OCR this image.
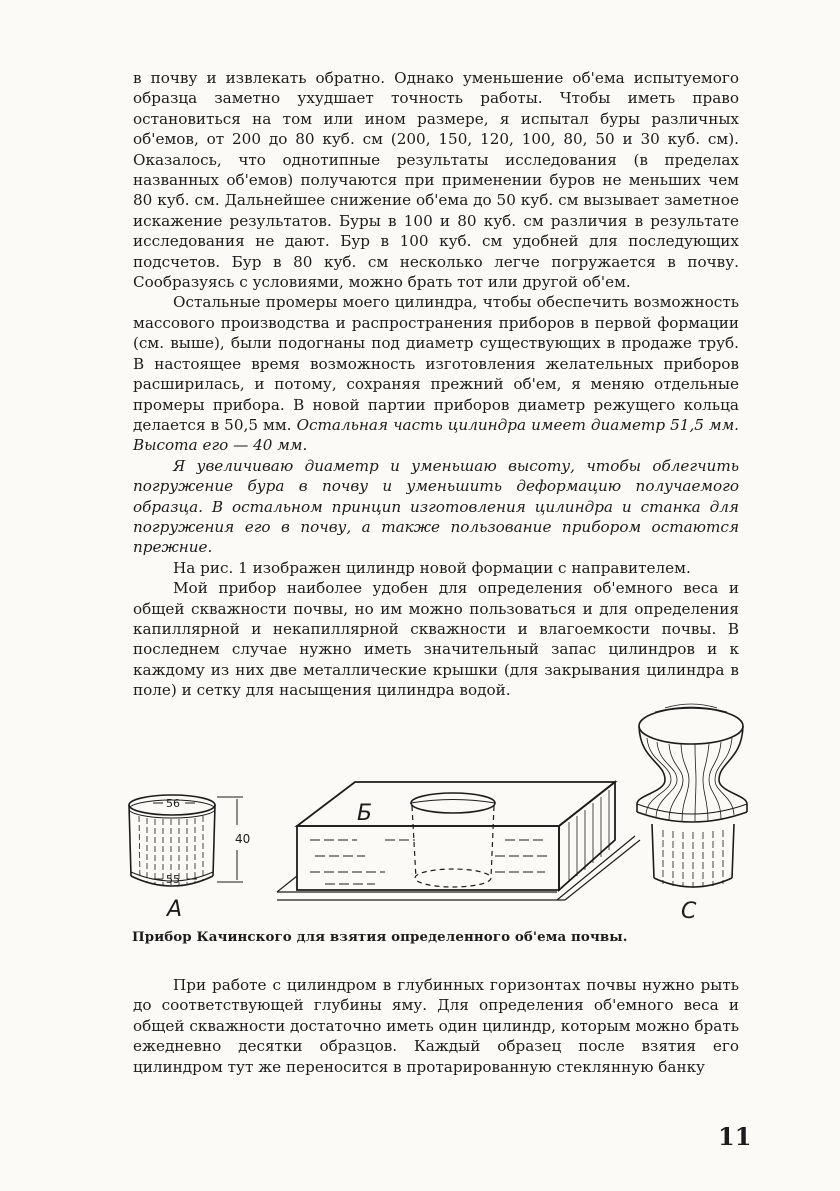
в почву и извлекать обратно. Однако уменьшение об'ема испытуемого образца заметно ухудшает точность работы. Чтобы иметь право остановиться на том или ином размере, я испытал буры различных об'емов, от 200 до 80 куб. см (200, 150, 120, 100, 80, 50 и 30 куб. см). Оказалось, что однотипные результаты исследования (в пределах названных об'емов) получаются при применении буров не меньших чем 80 куб. см. Дальнейшее снижение об'ема до 50 куб. см вызывает заметное искажение результатов. Буры в 100 и 80 куб. см различия в результате исследования не дают. Бур в 100 куб. см удобней для последующих подсчетов. Бур в 80 куб. см несколько легче погружается в почву. Сообразуясь с условиями, можно брать тот или другой об'ем.

Остальные промеры моего цилиндра, чтобы обеспечить возможность массового производства и распространения приборов в первой формации (см. выше), были подогнаны под диаметр существующих в продаже труб. В настоящее время возможность изготовления желательных приборов расширилась, и потому, сохраняя прежний об'ем, я меняю отдельные промеры прибора. В новой партии приборов диаметр режущего кольца делается в 50,5 мм. Остальная часть цилиндра имеет диаметр 51,5 мм. Высота его — 40 мм.

Я увеличиваю диаметр и уменьшаю высоту, чтобы облегчить погружение бура в почву и уменьшить деформацию получаемого образца. В остальном принцип изготовления цилиндра и станка для погружения его в почву, а также пользование прибором остаются прежние.

На рис. 1 изображен цилиндр новой формации с направителем.

Мой прибор наиболее удобен для определения об'емного веса и общей скважности почвы, но им можно пользоваться и для определения капиллярной и некапиллярной скважности и влагоемкости почвы. В последнем случае нужно иметь значительный запас цилиндров и к каждому из них две металлические крышки (для закрывания цилиндра в поле) и сетку для насыщения цилиндра водой.

56
55
40
А
Б
С
Прибор Качинского для взятия определенного об'ема почвы.

При работе с цилиндром в глубинных горизонтах почвы нужно рыть до соответствующей глубины яму. Для определения об'емного веса и общей скважности достаточно иметь один цилиндр, которым можно брать ежедневно десятки образцов. Каждый образец после взятия его цилиндром тут же переносится в протарированную стеклянную банку

11
